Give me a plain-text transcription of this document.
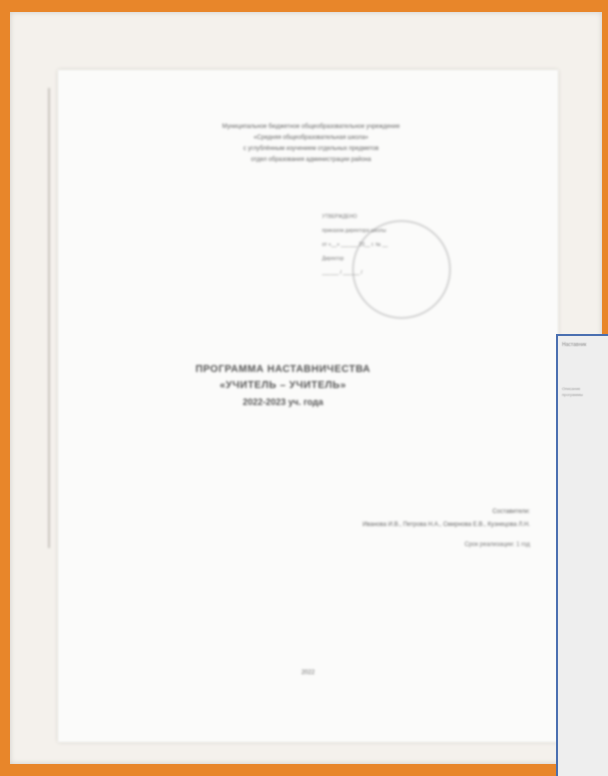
Муниципальное бюджетное общеобразовательное учреждение
«Средняя общеобразовательная школа»
с углублённым изучением отдельных предметов
отдел образования администрации района
УТВЕРЖДЕНО
приказом директора школы
от «__» ______ 20__ г. № __
Директор
______ / ______ /
ПРОГРАММА НАСТАВНИЧЕСТВА
«УЧИТЕЛЬ – УЧИТЕЛЬ»
2022-2023 уч. года
Составители:
Иванова И.В., Петрова Н.А., Смирнова Е.В., Кузнецова Л.Н.
Срок реализации: 1 год
2022
Наставник
Описание программы
